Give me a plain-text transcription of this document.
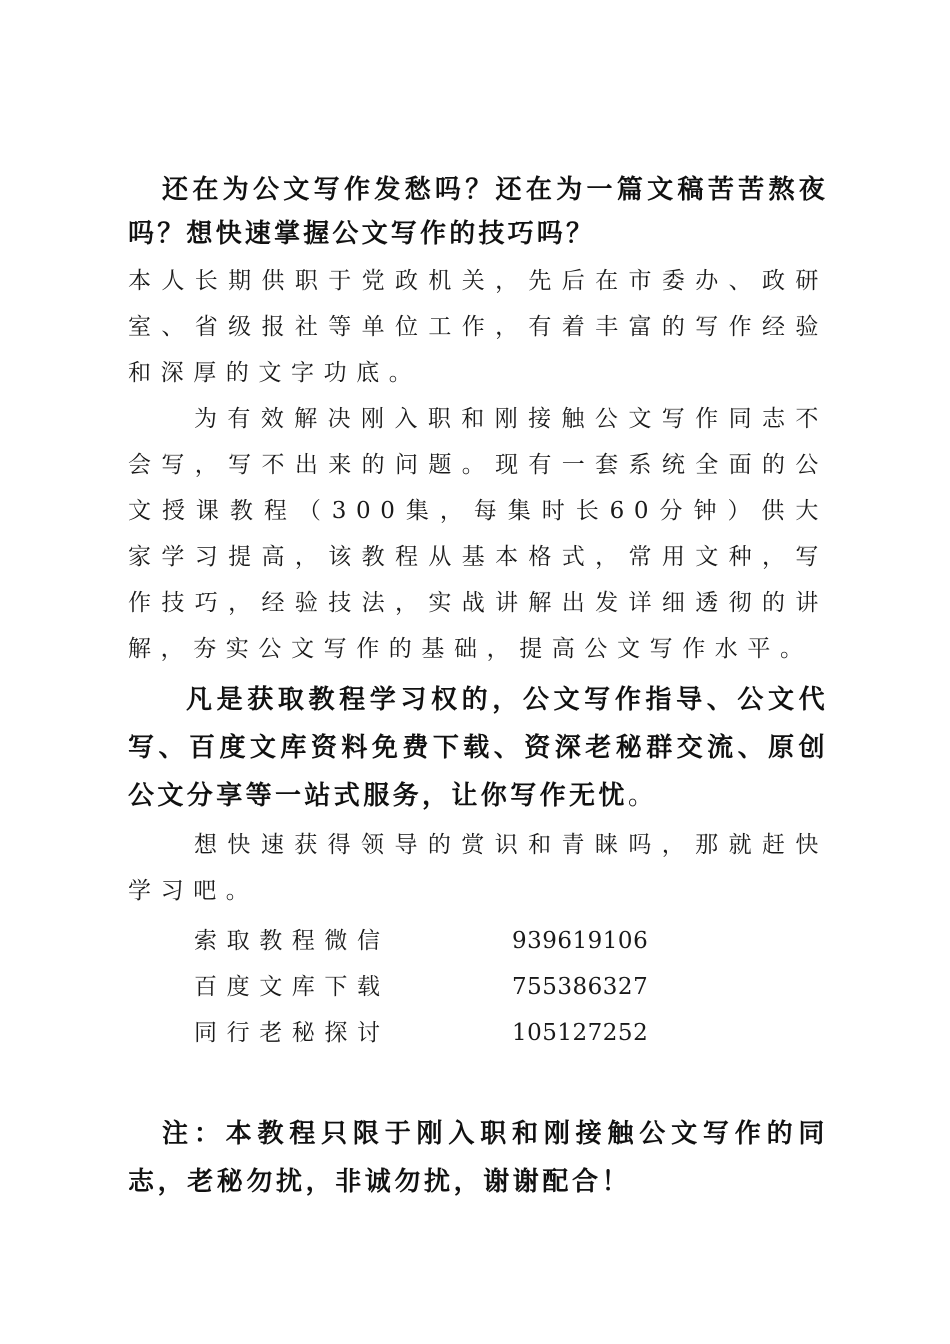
还在为公文写作发愁吗？还在为一篇文稿苦苦熬夜吗？想快速掌握公文写作的技巧吗？

本人长期供职于党政机关，先后在市委办、政研室、省级报社等单位工作，有着丰富的写作经验和深厚的文字功底。

为有效解决刚入职和刚接触公文写作同志不会写，写不出来的问题。现有一套系统全面的公文授课教程（300集，每集时长60分钟）供大家学习提高，该教程从基本格式，常用文种，写作技巧，经验技法，实战讲解出发详细透彻的讲解，夯实公文写作的基础，提高公文写作水平。

凡是获取教程学习权的，公文写作指导、公文代写、百度文库资料免费下载、资深老秘群交流、原创公文分享等一站式服务，让你写作无忧。

想快速获得领导的赏识和青睐吗，那就赶快学习吧。

索取教程微信	939619106
百度文库下载	755386327
同行老秘探讨	105127252

注：本教程只限于刚入职和刚接触公文写作的同志，老秘勿扰，非诚勿扰，谢谢配合！
